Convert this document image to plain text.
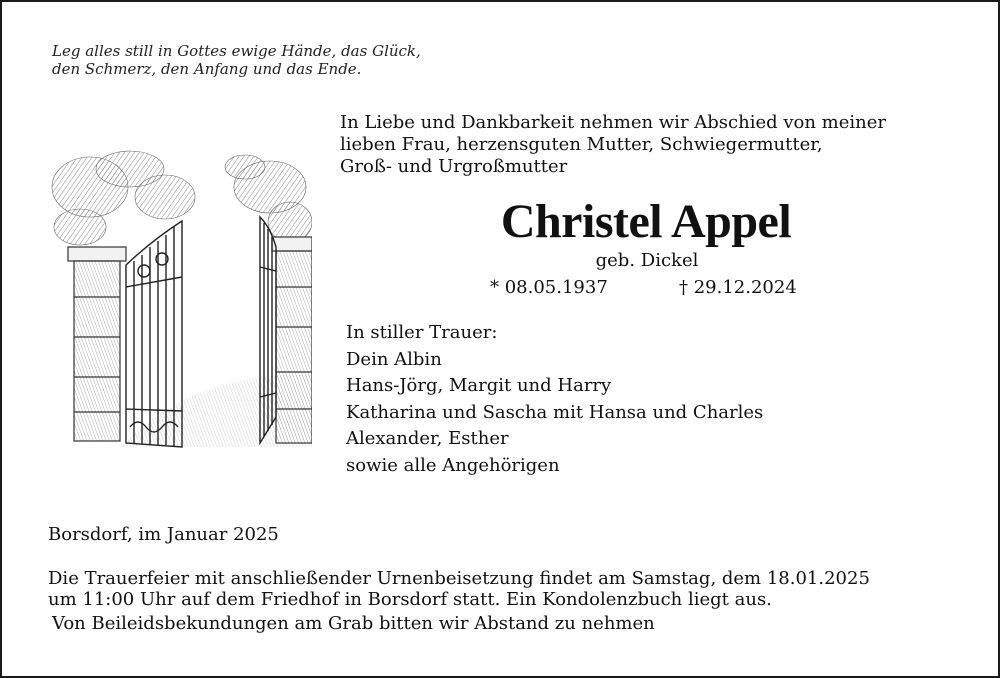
Leg alles still in Gottes ewige Hände, das Glück,
den Schmerz, den Anfang und das Ende.
In Liebe und Dankbarkeit nehmen wir Abschied von meiner
lieben Frau, herzensguten Mutter, Schwiegermutter,
Groß- und Urgroßmutter
Christel Appel
geb. Dickel
* 08.05.1937	† 29.12.2024
In stiller Trauer:
Dein Albin
Hans-Jörg, Margit und Harry
Katharina und Sascha mit Hansa und Charles
Alexander, Esther
sowie alle Angehörigen
Borsdorf, im Januar 2025
Die Trauerfeier mit anschließender Urnenbeisetzung findet am Samstag, dem 18.01.2025
um 11:00 Uhr auf dem Friedhof in Borsdorf statt. Ein Kondolenzbuch liegt aus.
Von Beileidsbekundungen am Grab bitten wir Abstand zu nehmen
